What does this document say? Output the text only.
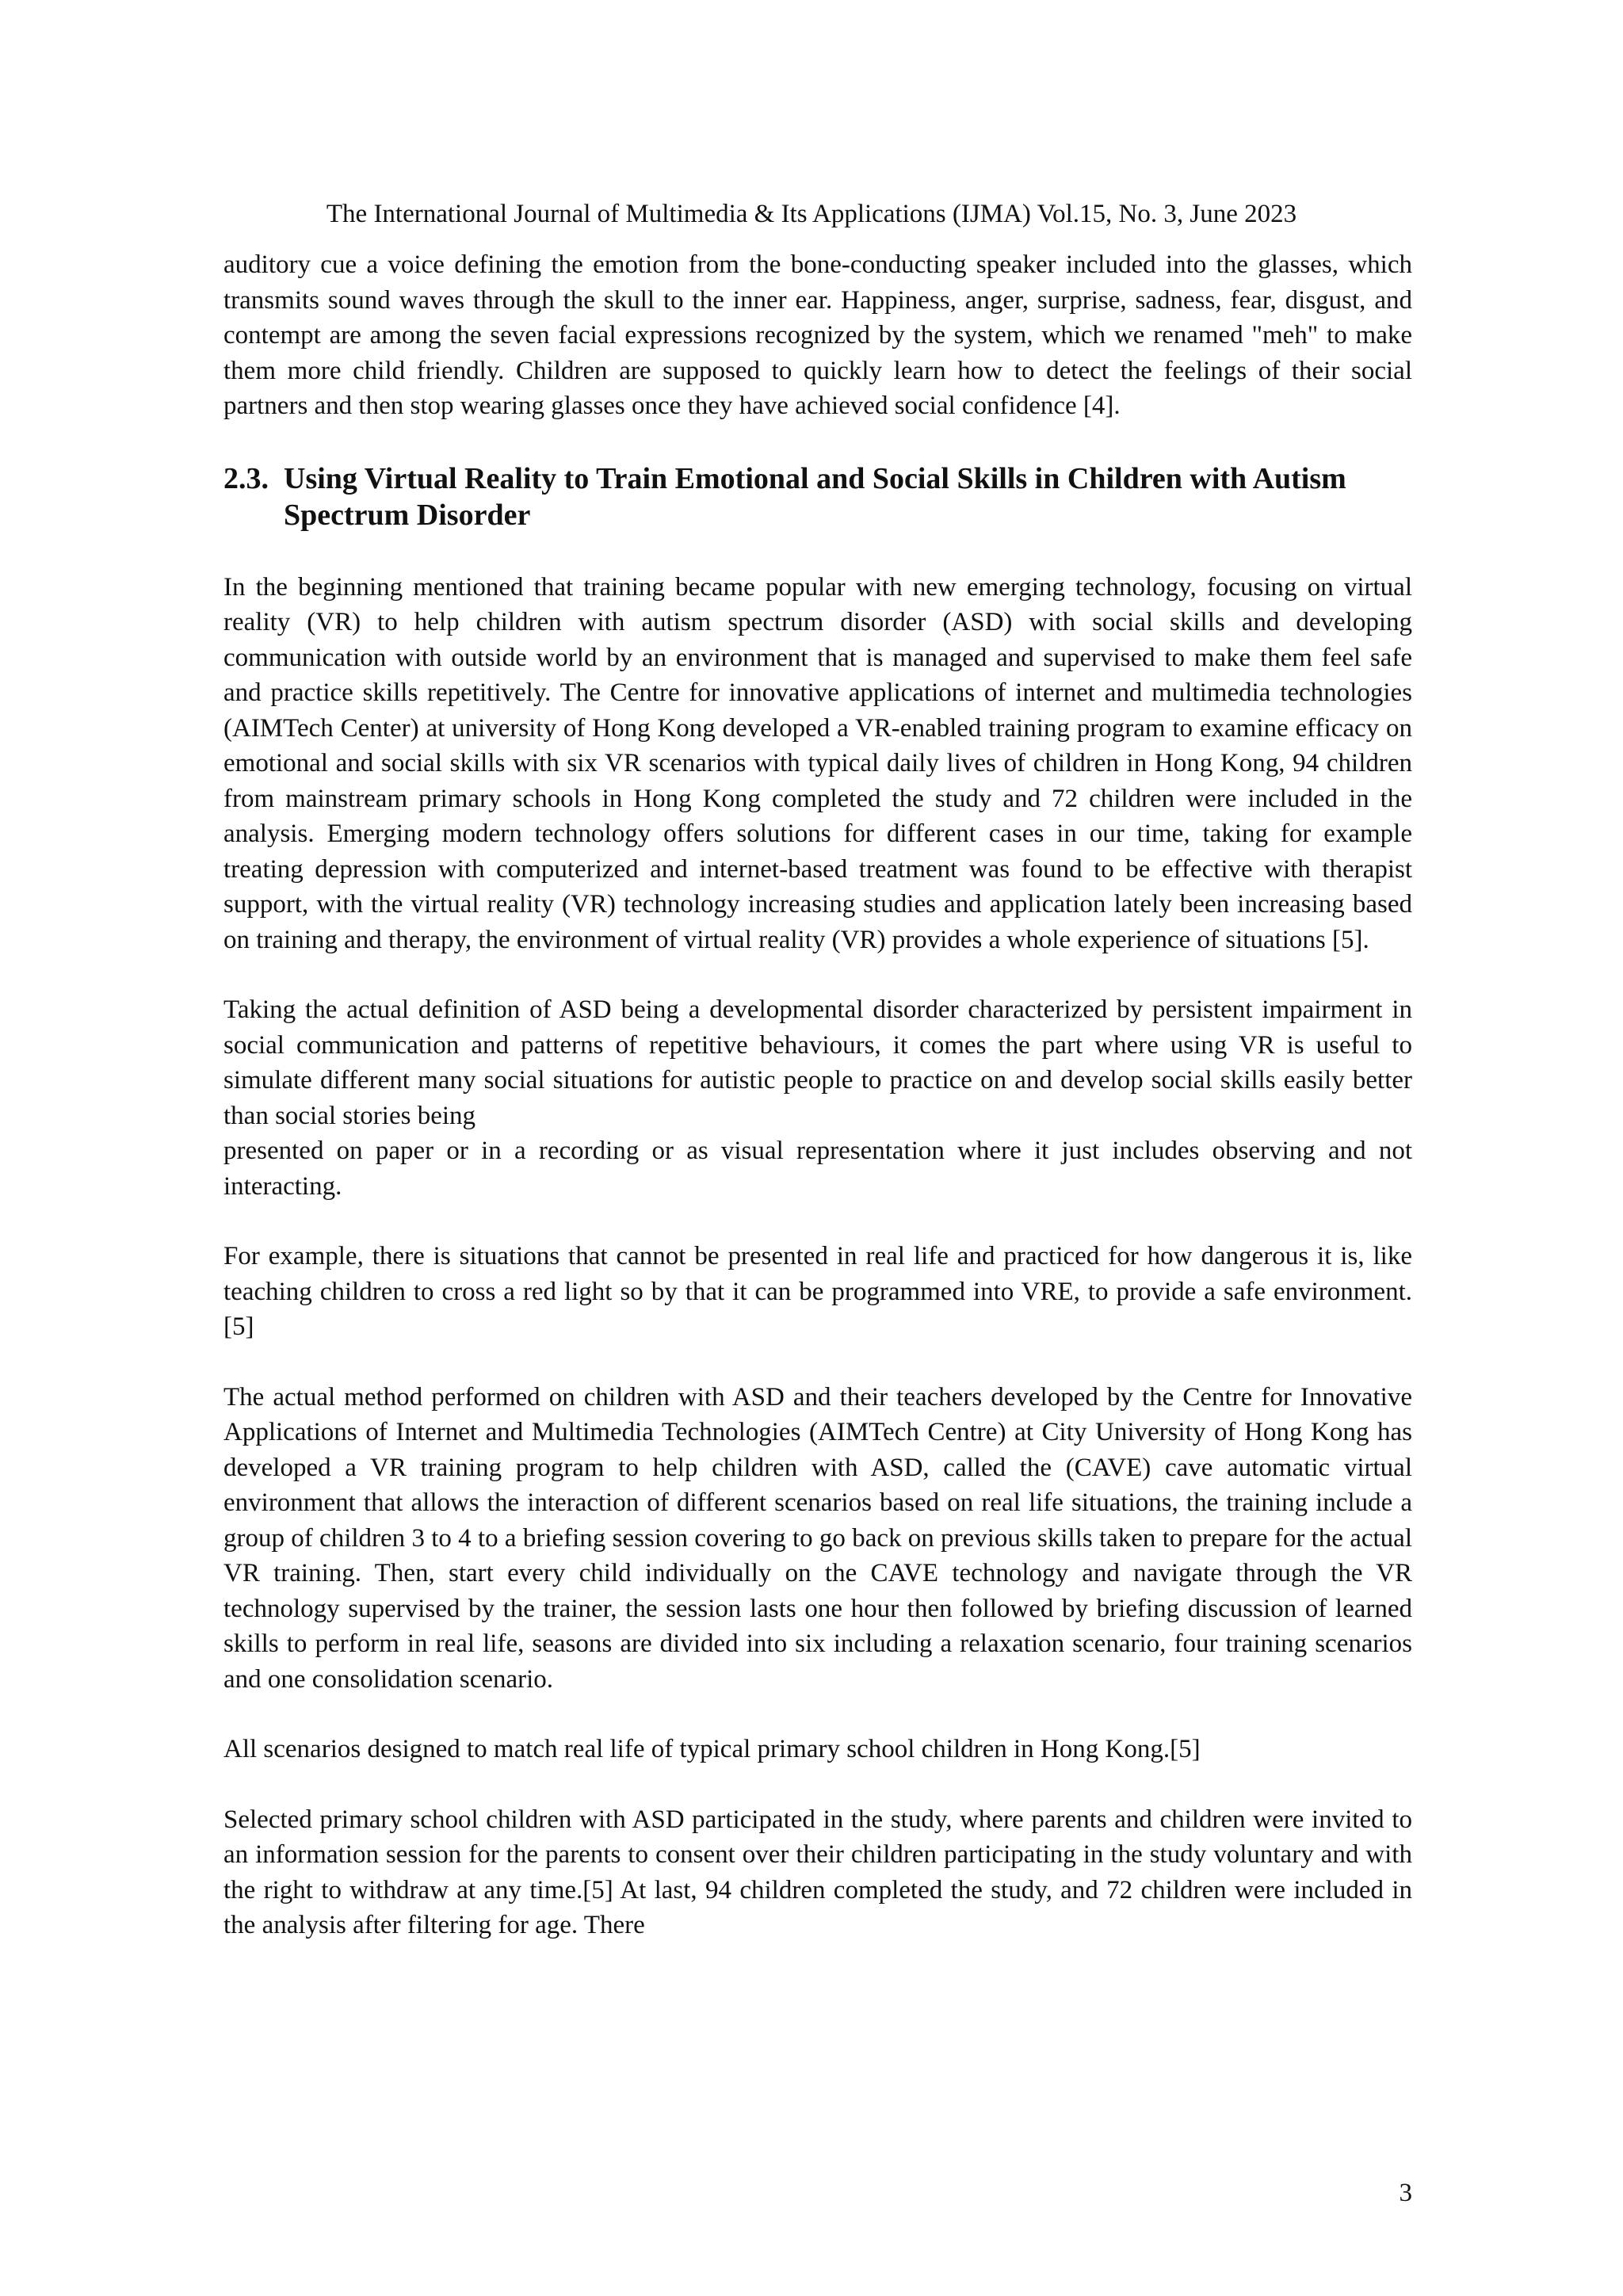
The International Journal of Multimedia & Its Applications (IJMA) Vol.15, No. 3, June 2023

auditory cue a voice defining the emotion from the bone-conducting speaker included into the glasses, which transmits sound waves through the skull to the inner ear. Happiness, anger, surprise, sadness, fear, disgust, and contempt are among the seven facial expressions recognized by the system, which we renamed "meh" to make them more child friendly. Children are supposed to quickly learn how to detect the feelings of their social partners and then stop wearing glasses once they have achieved social confidence [4].

2.3. Using Virtual Reality to Train Emotional and Social Skills in Children with Autism Spectrum Disorder

In the beginning mentioned that training became popular with new emerging technology, focusing on virtual reality (VR) to help children with autism spectrum disorder (ASD) with social skills and developing communication with outside world by an environment that is managed and supervised to make them feel safe and practice skills repetitively. The Centre for innovative applications of internet and multimedia technologies (AIMTech Center) at university of Hong Kong developed a VR-enabled training program to examine efficacy on emotional and social skills with six VR scenarios with typical daily lives of children in Hong Kong, 94 children from mainstream primary schools in Hong Kong completed the study and 72 children were included in the analysis. Emerging modern technology offers solutions for different cases in our time, taking for example treating depression with computerized and internet-based treatment was found to be effective with therapist support, with the virtual reality (VR) technology increasing studies and application lately been increasing based on training and therapy, the environment of virtual reality (VR) provides a whole experience of situations [5].

Taking the actual definition of ASD being a developmental disorder characterized by persistent impairment in social communication and patterns of repetitive behaviours, it comes the part where using VR is useful to simulate different many social situations for autistic people to practice on and develop social skills easily better than social stories being

presented on paper or in a recording or as visual representation where it just includes observing and not interacting.

For example, there is situations that cannot be presented in real life and practiced for how dangerous it is, like teaching children to cross a red light so by that it can be programmed into VRE, to provide a safe environment.[5]

The actual method performed on children with ASD and their teachers developed by the Centre for Innovative Applications of Internet and Multimedia Technologies (AIMTech Centre) at City University of Hong Kong has developed a VR training program to help children with ASD, called the (CAVE) cave automatic virtual environment that allows the interaction of different scenarios based on real life situations, the training include a group of children 3 to 4 to a briefing session covering to go back on previous skills taken to prepare for the actual VR training. Then, start every child individually on the CAVE technology and navigate through the VR technology supervised by the trainer, the session lasts one hour then followed by briefing discussion of learned skills to perform in real life, seasons are divided into six including a relaxation scenario, four training scenarios and one consolidation scenario.

All scenarios designed to match real life of typical primary school children in Hong Kong.[5]

Selected primary school children with ASD participated in the study, where parents and children were invited to an information session for the parents to consent over their children participating in the study voluntary and with the right to withdraw at any time.[5] At last, 94 children completed the study, and 72 children were included in the analysis after filtering for age. There

3
